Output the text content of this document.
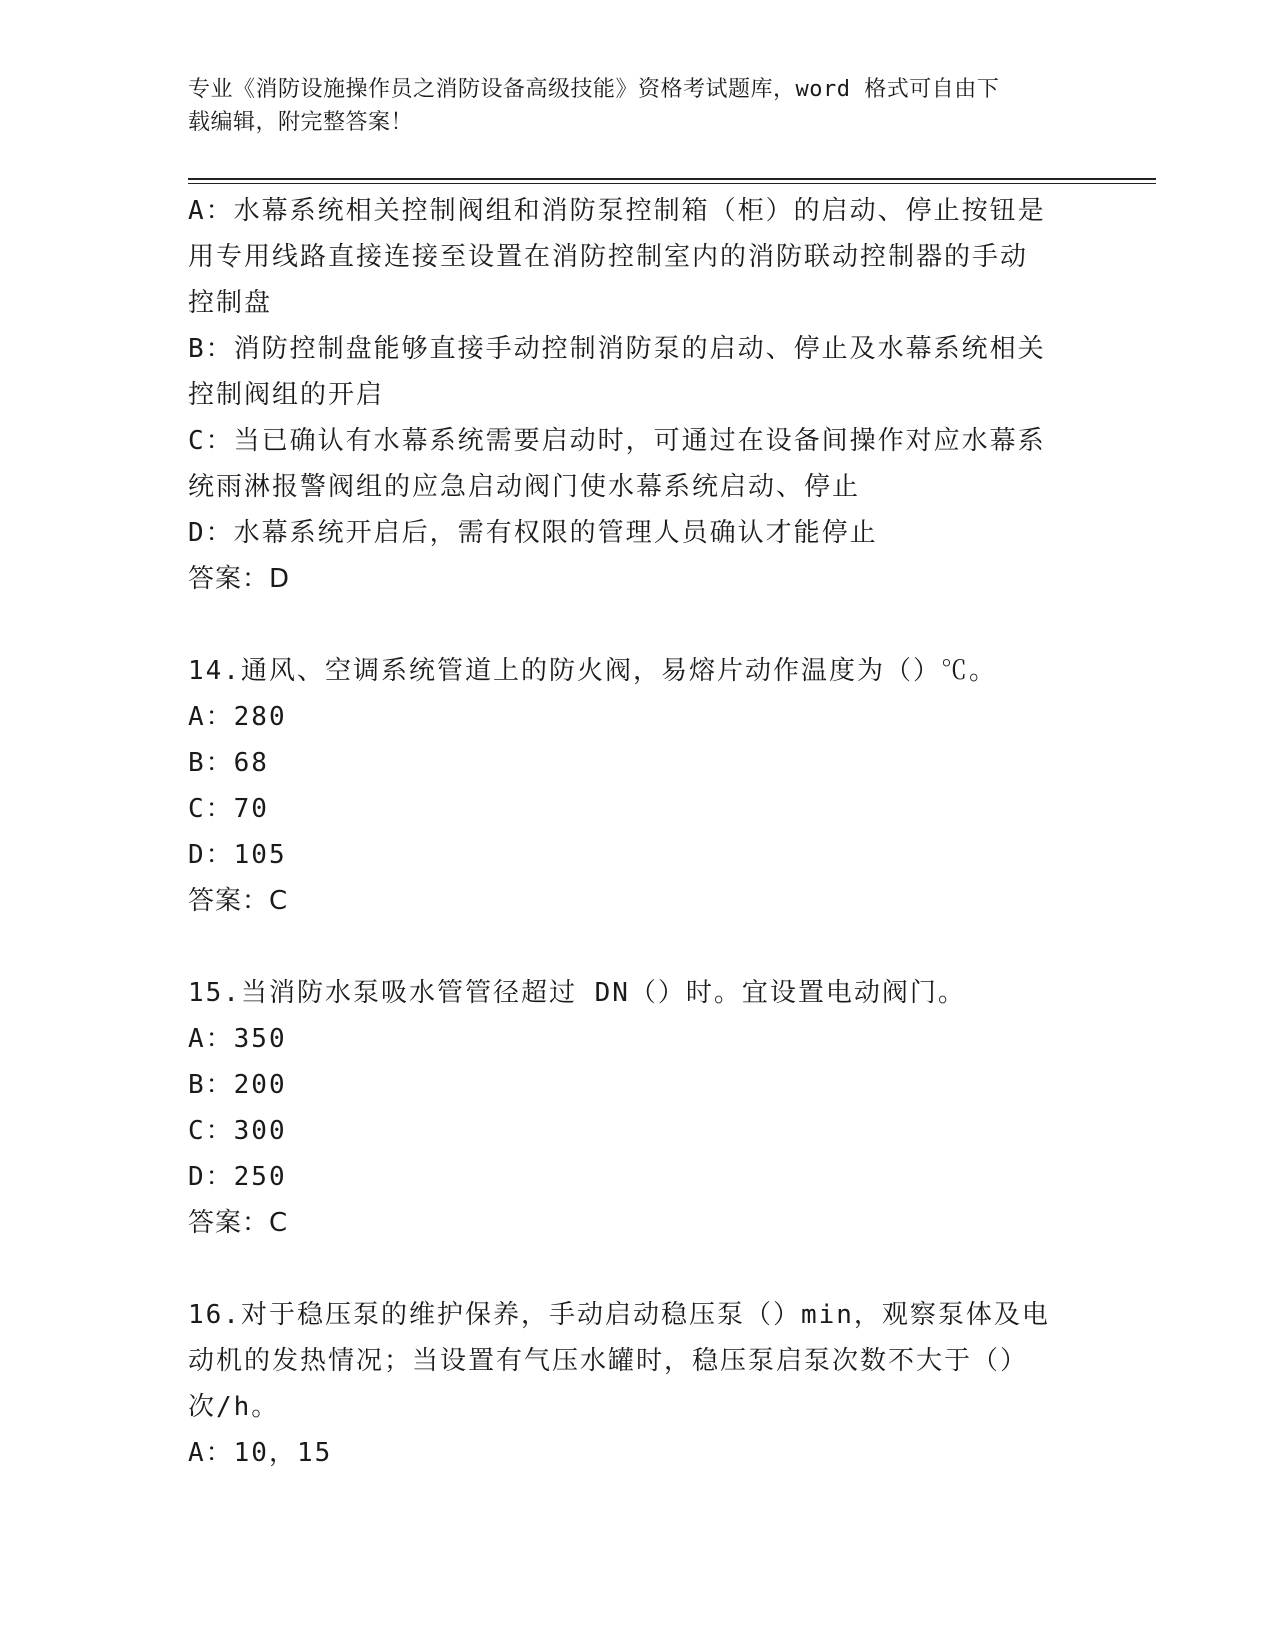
专业《消防设施操作员之消防设备高级技能》资格考试题库，word 格式可自由下
载编辑，附完整答案！
A：水幕系统相关控制阀组和消防泵控制箱（柜）的启动、停止按钮是
用专用线路直接连接至设置在消防控制室内的消防联动控制器的手动
控制盘
B：消防控制盘能够直接手动控制消防泵的启动、停止及水幕系统相关
控制阀组的开启
C：当已确认有水幕系统需要启动时，可通过在设备间操作对应水幕系
统雨淋报警阀组的应急启动阀门使水幕系统启动、停止
D：水幕系统开启后，需有权限的管理人员确认才能停止
答案：D
14.通风、空调系统管道上的防火阀，易熔片动作温度为（）℃。
A：280
B：68
C：70
D：105
答案：C
15.当消防水泵吸水管管径超过 DN（）时。宜设置电动阀门。
A：350
B：200
C：300
D：250
答案：C
16.对于稳压泵的维护保养，手动启动稳压泵（）min，观察泵体及电
动机的发热情况；当设置有气压水罐时，稳压泵启泵次数不大于（）
次/h。
A：10，15
